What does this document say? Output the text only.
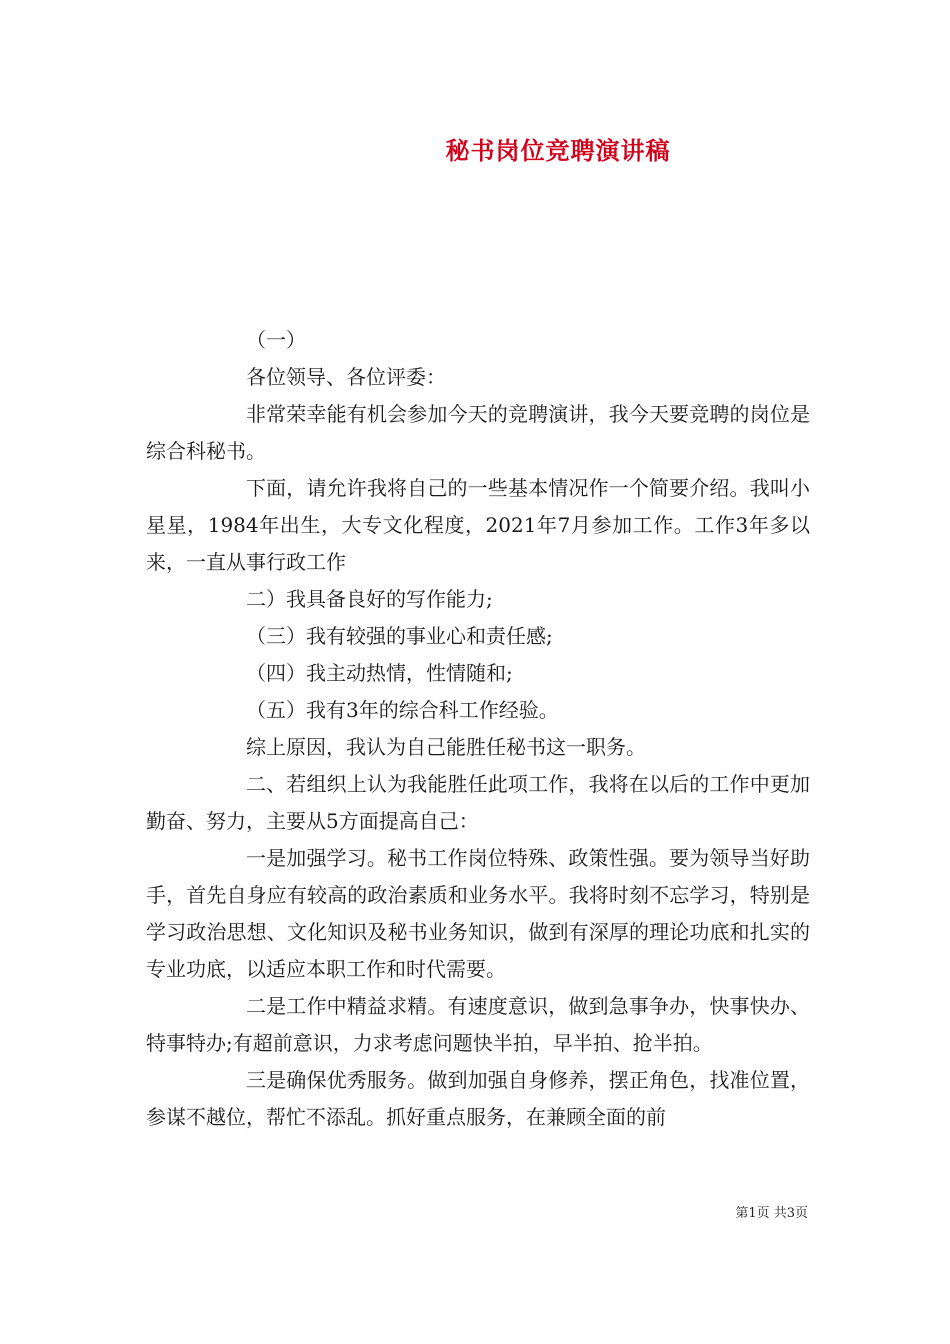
秘书岗位竞聘演讲稿

（一）

各位领导、各位评委：

非常荣幸能有机会参加今天的竞聘演讲，我今天要竞聘的岗位是综合科秘书。

下面，请允许我将自己的一些基本情况作一个简要介绍。我叫小星星，1984年出生，大专文化程度，2021年7月参加工作。工作3年多以来，一直从事行政工作

二）我具备良好的写作能力;

（三）我有较强的事业心和责任感;

（四）我主动热情，性情随和;

（五）我有3年的综合科工作经验。

综上原因，我认为自己能胜任秘书这一职务。

二、若组织上认为我能胜任此项工作，我将在以后的工作中更加勤奋、努力，主要从5方面提高自己：

一是加强学习。秘书工作岗位特殊、政策性强。要为领导当好助手，首先自身应有较高的政治素质和业务水平。我将时刻不忘学习，特别是学习政治思想、文化知识及秘书业务知识，做到有深厚的理论功底和扎实的专业功底，以适应本职工作和时代需要。

二是工作中精益求精。有速度意识，做到急事争办，快事快办、特事特办;有超前意识，力求考虑问题快半拍，早半拍、抢半拍。

三是确保优秀服务。做到加强自身修养，摆正角色，找准位置，参谋不越位，帮忙不添乱。抓好重点服务，在兼顾全面的前

第1页 共3页
